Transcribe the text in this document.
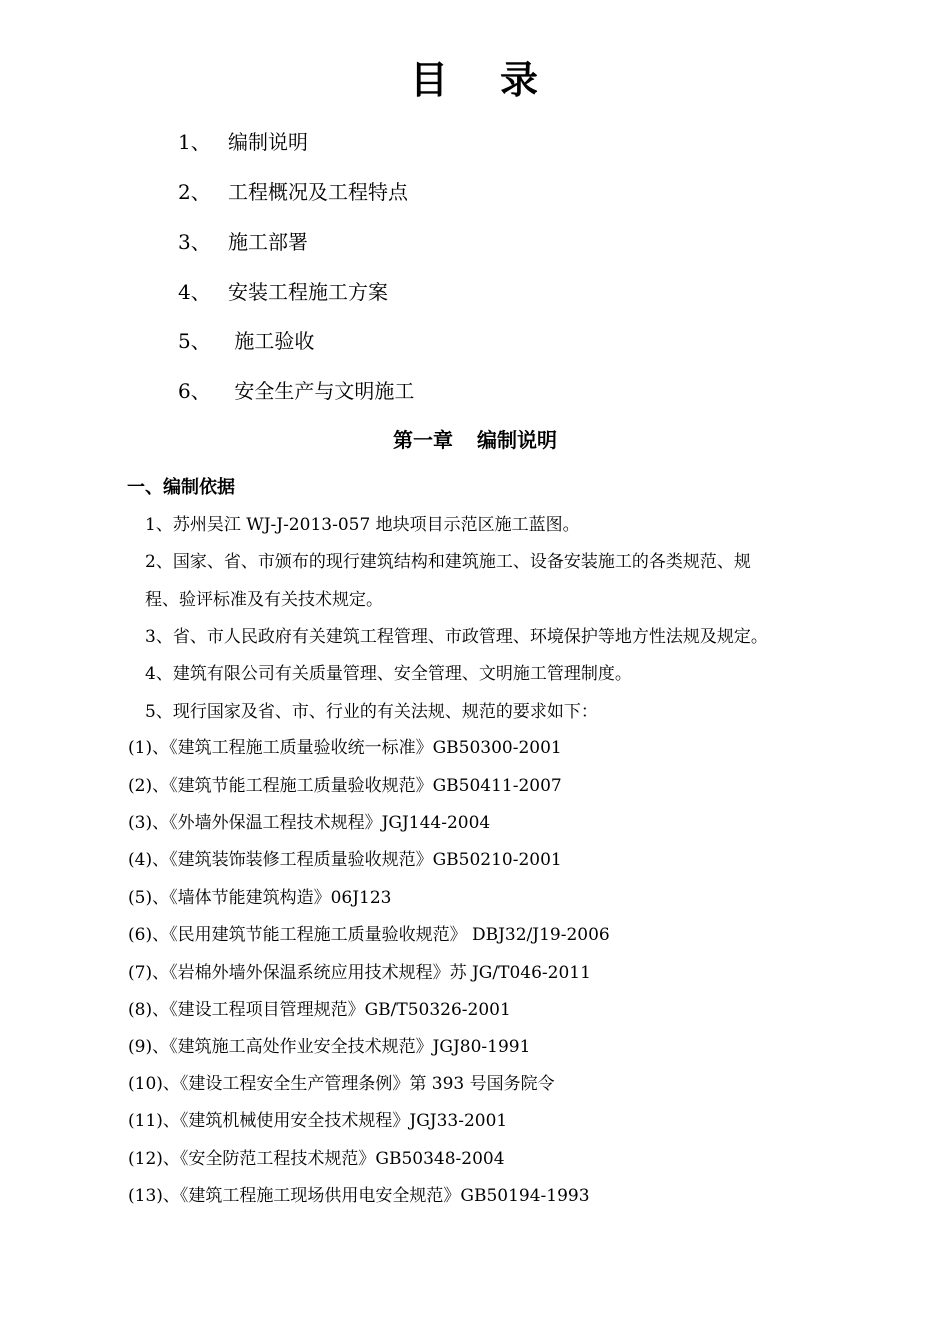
目 录
1、 编制说明
2、 工程概况及工程特点
3、 施工部署
4、 安装工程施工方案
5、 施工验收
6、 安全生产与文明施工
第一章 编制说明
一、编制依据
1、苏州吴江 WJ-J-2013-057 地块项目示范区施工蓝图。
2、国家、省、市颁布的现行建筑结构和建筑施工、设备安装施工的各类规范、规
程、验评标准及有关技术规定。
3、省、市人民政府有关建筑工程管理、市政管理、环境保护等地方性法规及规定。
4、建筑有限公司有关质量管理、安全管理、文明施工管理制度。
5、现行国家及省、市、行业的有关法规、规范的要求如下：
(1)、《建筑工程施工质量验收统一标准》GB50300-2001
(2)、《建筑节能工程施工质量验收规范》GB50411-2007
(3)、《外墙外保温工程技术规程》JGJ144-2004
(4)、《建筑装饰装修工程质量验收规范》GB50210-2001
(5)、《墙体节能建筑构造》06J123
(6)、《民用建筑节能工程施工质量验收规范》 DBJ32/J19-2006
(7)、《岩棉外墙外保温系统应用技术规程》苏 JG/T046-2011
(8)、《建设工程项目管理规范》GB/T50326-2001
(9)、《建筑施工高处作业安全技术规范》JGJ80-1991
(10)、《建设工程安全生产管理条例》第 393 号国务院令
(11)、《建筑机械使用安全技术规程》JGJ33-2001
(12)、《安全防范工程技术规范》GB50348-2004
(13)、《建筑工程施工现场供用电安全规范》GB50194-1993
